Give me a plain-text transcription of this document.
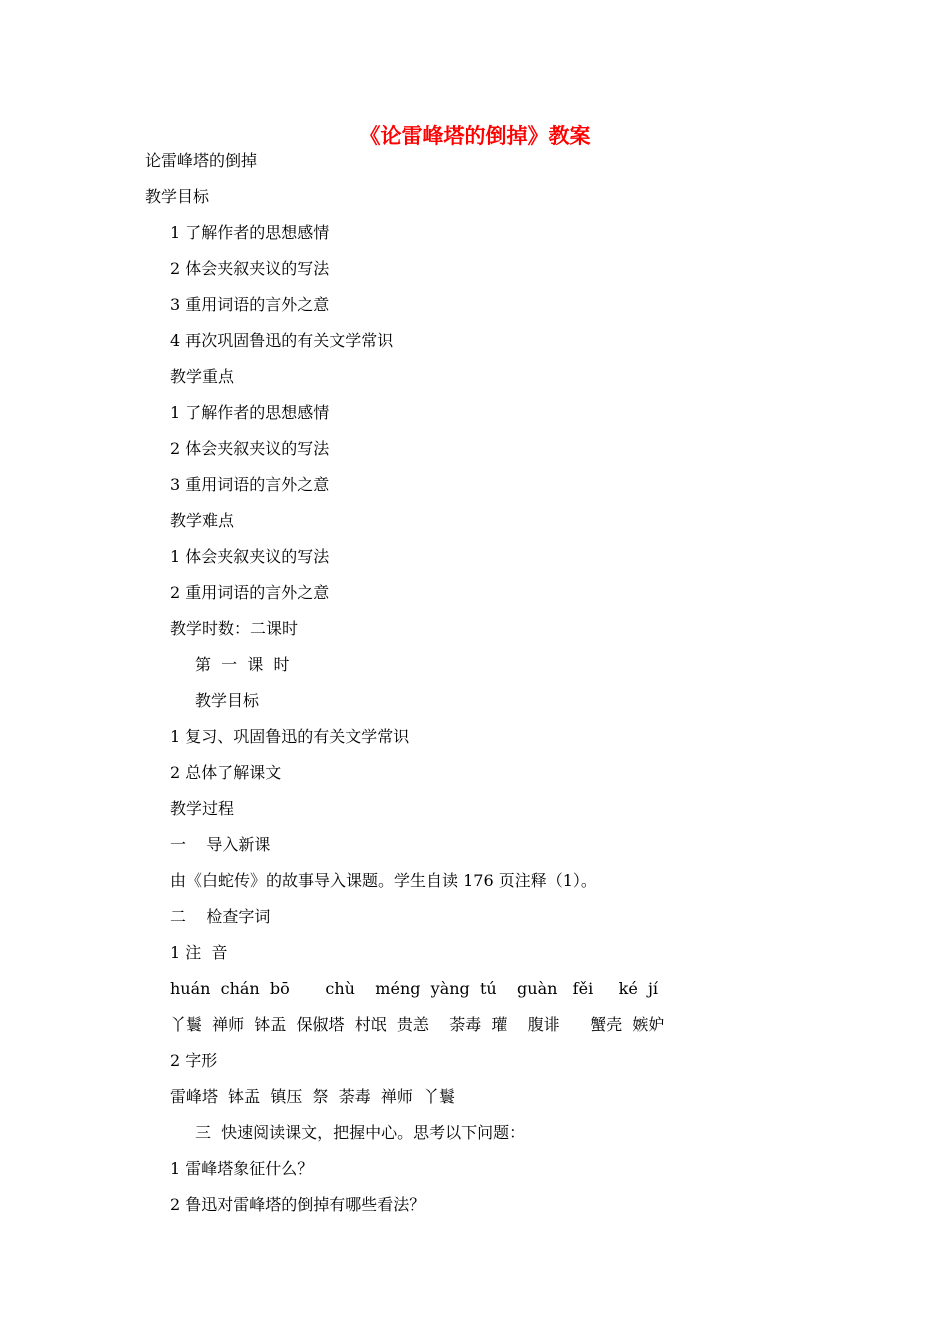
《论雷峰塔的倒掉》教案
论雷峰塔的倒掉
教学目标
1 了解作者的思想感情
2 体会夹叙夹议的写法
3 重用词语的言外之意
4 再次巩固鲁迅的有关文学常识
教学重点
1 了解作者的思想感情
2 体会夹叙夹议的写法
3 重用词语的言外之意
教学难点
1 体会夹叙夹议的写法
2 重用词语的言外之意
教学时数：二课时
第  一  课  时
教学目标
1 复习、巩固鲁迅的有关文学常识
2 总体了解课文
教学过程
一    导入新课
由《白蛇传》的故事导入课题。学生自读 176 页注释（1）。
二    检查字词
1 注  音
huán  chán  bō       chù    méng  yàng  tú    guàn   fěi     ké  jí
丫鬟  禅师  钵盂  保俶塔  村氓  贵恙    荼毒  瓘    腹诽      蟹壳  嫉妒
2 字形
雷峰塔  钵盂  镇压  祭  荼毒  禅师  丫鬟
三  快速阅读课文，把握中心。思考以下问题：
1 雷峰塔象征什么？
2 鲁迅对雷峰塔的倒掉有哪些看法？
